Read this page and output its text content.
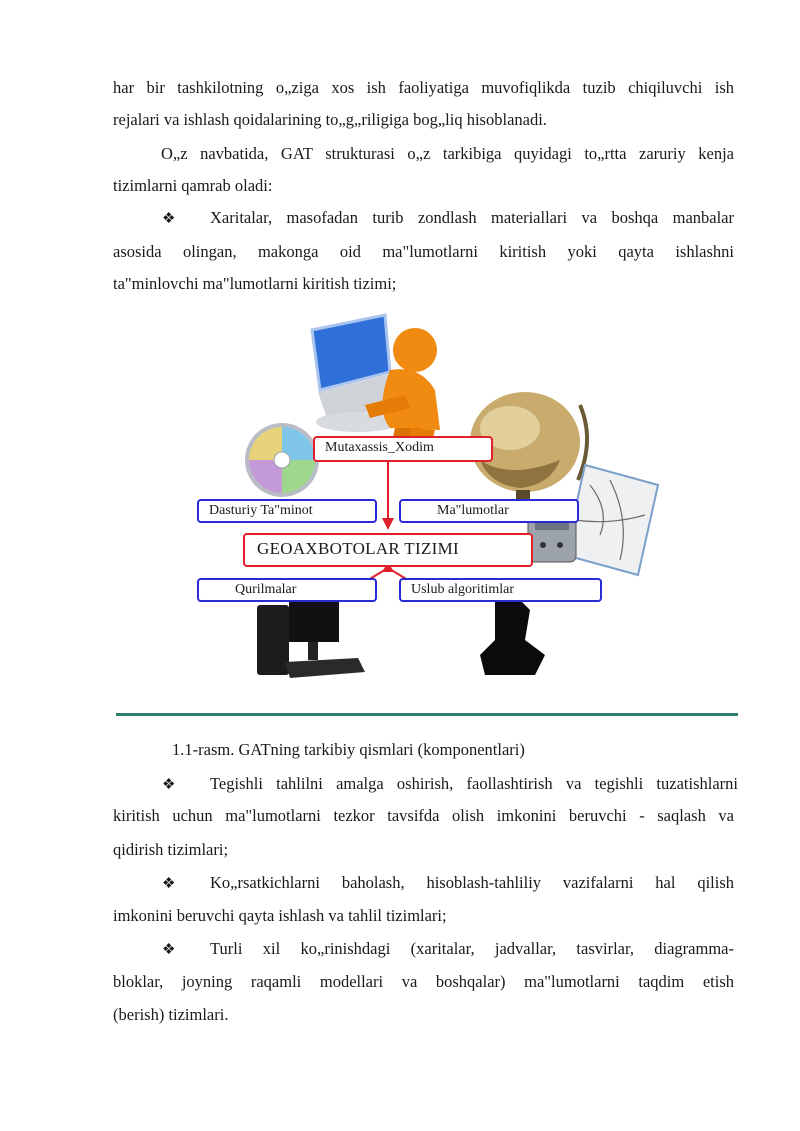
har bir tashkilotning o„ziga xos ish faoliyatiga muvofiqlikda tuzib chiqiluvchi ish
rejalari va ishlash qoidalarining to„g„riligiga bog„liq hisoblanadi.
O„z navbatida, GAT strukturasi o„z tarkibiga quyidagi to„rtta zaruriy kenja
tizimlarni qamrab oladi:
❖ Xaritalar, masofadan turib zondlash materiallari va boshqa manbalar
asosida olingan, makonga oid ma"lumotlarni kiritish yoki qayta ishlashni
ta"minlovchi ma"lumotlarni kiritish tizimi;
Mutaxassis_Xodim
Dasturiy Ta"minot	Ma"lumotlar
GEOAXBOTOLAR TIZIMI
Qurilmalar	Uslub algoritimlar
1.1-rasm. GATning tarkibiy qismlari (komponentlari)
❖ Tegishli tahlilni amalga oshirish, faollashtirish va tegishli tuzatishlarni
kiritish uchun ma"lumotlarni tezkor tavsifda olish imkonini beruvchi - saqlash va
qidirish tizimlari;
❖ Ko„rsatkichlarni baholash, hisoblash-tahliliy vazifalarni hal qilish
imkonini beruvchi qayta ishlash va tahlil tizimlari;
❖ Turli xil ko„rinishdagi (xaritalar, jadvallar, tasvirlar, diagramma-
bloklar, joyning raqamli modellari va boshqalar) ma"lumotlarni taqdim etish
(berish) tizimlari.
